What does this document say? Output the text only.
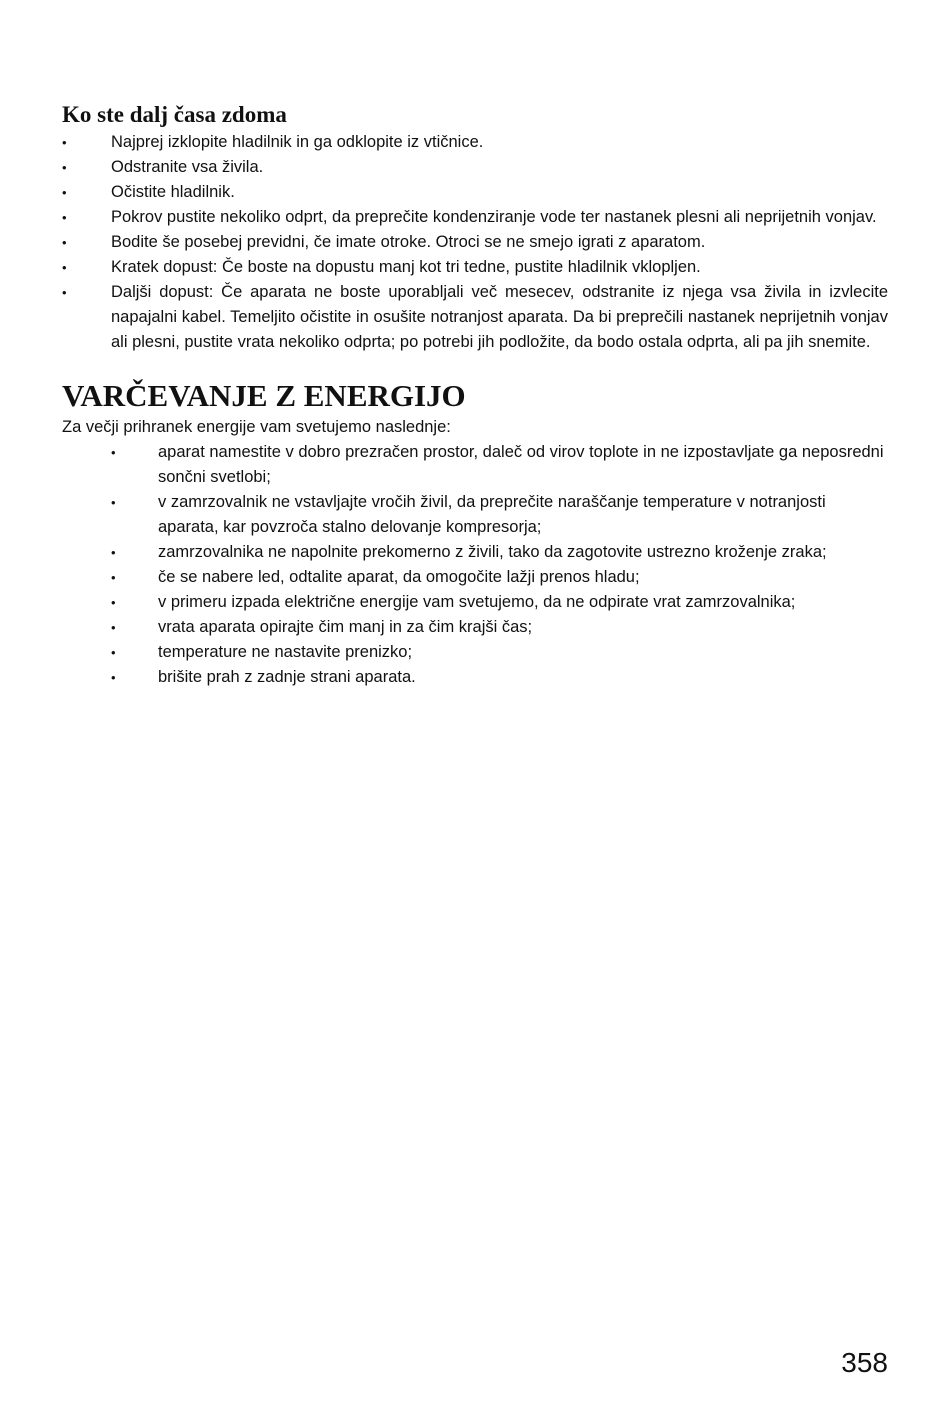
Ko ste dalj časa zdoma
•	Najprej izklopite hladilnik in ga odklopite iz vtičnice.
•	Odstranite vsa živila.
•	Očistite hladilnik.
•	Pokrov pustite nekoliko odprt, da preprečite kondenziranje vode ter nastanek plesni ali neprijetnih vonjav.
•	Bodite še posebej previdni, če imate otroke. Otroci se ne smejo igrati z aparatom.
•	Kratek dopust: Če boste na dopustu manj kot tri tedne, pustite hladilnik vklopljen.
•	Daljši dopust: Če aparata ne boste uporabljali več mesecev, odstranite iz njega vsa živila in izvlecite napajalni kabel. Temeljito očistite in osušite notranjost aparata. Da bi preprečili nastanek neprijetnih vonjav ali plesni, pustite vrata nekoliko odprta; po potrebi jih podložite, da bodo ostala odprta, ali pa jih snemite.
VARČEVANJE Z ENERGIJO

Za večji prihranek energije vam svetujemo naslednje:

•	aparat namestite v dobro prezračen prostor, daleč od virov toplote in ne izpostavljate ga neposredni sončni svetlobi;
•	v zamrzovalnik ne vstavljajte vročih živil, da preprečite naraščanje temperature v notranjosti aparata, kar povzroča stalno delovanje kompresorja;
•	zamrzovalnika ne napolnite prekomerno z živili, tako da zagotovite ustrezno kroženje zraka;
•	če se nabere led, odtalite aparat, da omogočite lažji prenos hladu;
•	v primeru izpada električne energije vam svetujemo, da ne odpirate vrat zamrzovalnika;
•	vrata aparata opirajte čim manj in za čim krajši čas;
•	temperature ne nastavite prenizko;
•	brišite prah z zadnje strani aparata.
358
